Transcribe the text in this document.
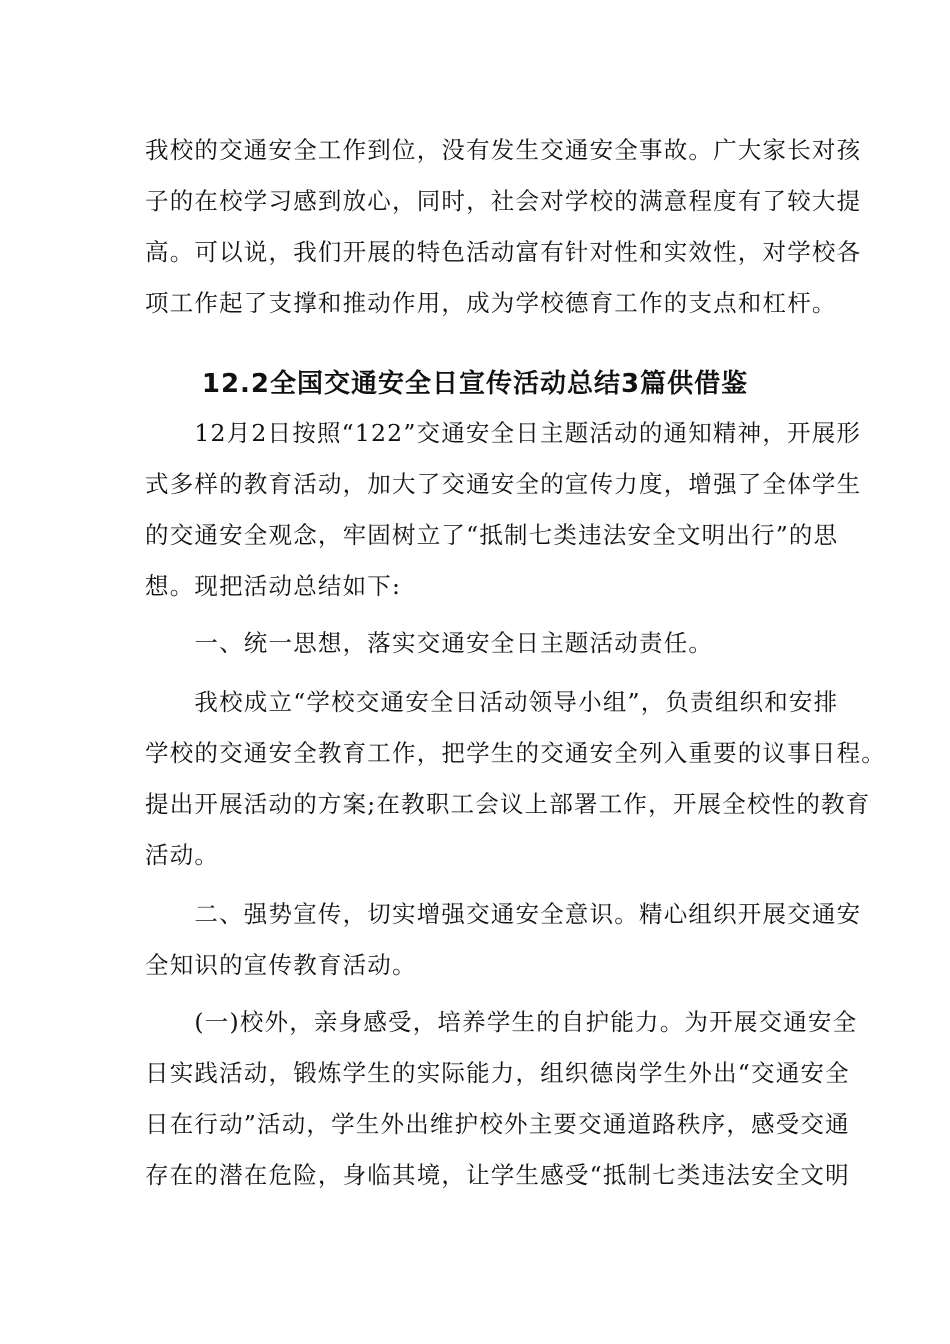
我校的交通安全工作到位，没有发生交通安全事故。广大家长对孩
子的在校学习感到放心，同时，社会对学校的满意程度有了较大提
高。可以说，我们开展的特色活动富有针对性和实效性，对学校各
项工作起了支撑和推动作用，成为学校德育工作的支点和杠杆。
12.2全国交通安全日宣传活动总结3篇供借鉴
　　12月2日按照“122”交通安全日主题活动的通知精神，开展形
式多样的教育活动，加大了交通安全的宣传力度，增强了全体学生
的交通安全观念，牢固树立了“抵制七类违法安全文明出行”的思
想。现把活动总结如下:
　　一、统一思想，落实交通安全日主题活动责任。
　　我校成立“学校交通安全日活动领导小组”，负责组织和安排
学校的交通安全教育工作，把学生的交通安全列入重要的议事日程。
提出开展活动的方案;在教职工会议上部署工作，开展全校性的教育
活动。
　　二、强势宣传，切实增强交通安全意识。精心组织开展交通安
全知识的宣传教育活动。
　　(一)校外，亲身感受，培养学生的自护能力。为开展交通安全
日实践活动，锻炼学生的实际能力，组织德岗学生外出“交通安全
日在行动”活动，学生外出维护校外主要交通道路秩序，感受交通
存在的潜在危险，身临其境，让学生感受“抵制七类违法安全文明
